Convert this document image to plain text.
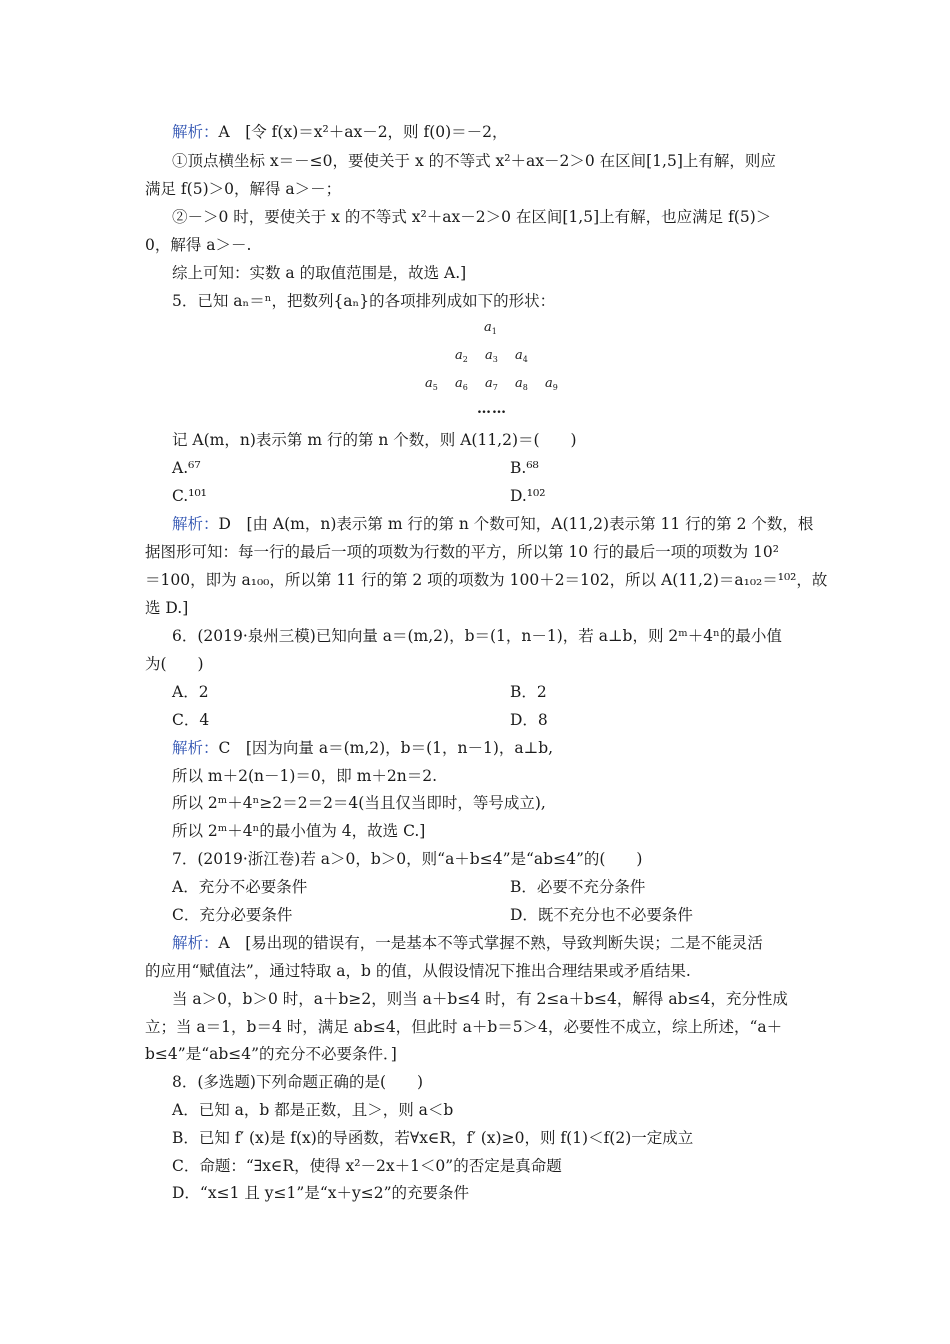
解析：A　[令 f(x)＝x²＋ax－2，则 f(0)＝－2，
①顶点横坐标 x＝－≤0，要使关于 x 的不等式 x²＋ax－2＞0 在区间[1,5]上有解，则应
满足 f(5)＞0，解得 a＞－；
②－＞0 时，要使关于 x 的不等式 x²＋ax－2＞0 在区间[1,5]上有解，也应满足 f(5)＞
0，解得 a＞－.
综上可知：实数 a 的取值范围是，故选 A.]
5．已知 aₙ＝ⁿ，把数列{aₙ}的各项排列成如下的形状：
$a_1$
$a_2$ $a_3$ $a_4$
$a_5$ $a_6$ $a_7$ $a_8$ $a_9$
……
记 A(m，n)表示第 m 行的第 n 个数，则 A(11,2)＝(　　)
A.⁶⁷	B.⁶⁸
C.¹⁰¹	D.¹⁰²
解析：D　[由 A(m，n)表示第 m 行的第 n 个数可知，A(11,2)表示第 11 行的第 2 个数，根
据图形可知：每一行的最后一项的项数为行数的平方，所以第 10 行的最后一项的项数为 10²
＝100，即为 a₁₀₀，所以第 11 行的第 2 项的项数为 100＋2＝102，所以 A(11,2)＝a₁₀₂＝¹⁰²，故
选 D.]
6．(2019·泉州三模)已知向量 a＝(m,2)，b＝(1，n－1)，若 a⊥b，则 2ᵐ＋4ⁿ的最小值
为(　　)
A．2	B．2
C．4	D．8
解析：C　[因为向量 a＝(m,2)，b＝(1，n－1)，a⊥b,
所以 m＋2(n－1)＝0，即 m＋2n＝2.
所以 2ᵐ＋4ⁿ≥2＝2＝2＝4(当且仅当即时，等号成立),
所以 2ᵐ＋4ⁿ的最小值为 4，故选 C.]
7．(2019·浙江卷)若 a＞0，b＞0，则“a＋b≤4”是“ab≤4”的(　　)
A．充分不必要条件	B．必要不充分条件
C．充分必要条件	D．既不充分也不必要条件
解析：A　[易出现的错误有，一是基本不等式掌握不熟，导致判断失误；二是不能灵活
的应用“赋值法”，通过特取 a，b 的值，从假设情况下推出合理结果或矛盾结果.
当 a＞0，b＞0 时，a＋b≥2，则当 a＋b≤4 时，有 2≤a＋b≤4，解得 ab≤4，充分性成
立；当 a＝1，b＝4 时，满足 ab≤4，但此时 a＋b＝5＞4，必要性不成立，综上所述，“a＋
b≤4”是“ab≤4”的充分不必要条件．]
8．(多选题)下列命题正确的是(　　)
A．已知 a，b 都是正数，且＞，则 a＜b
B．已知 f′ (x)是 f(x)的导函数，若∀x∈R，f′ (x)≥0，则 f(1)＜f(2)一定成立
C．命题：“∃x∈R，使得 x²－2x＋1＜0”的否定是真命题
D．“x≤1 且 y≤1”是“x＋y≤2”的充要条件
